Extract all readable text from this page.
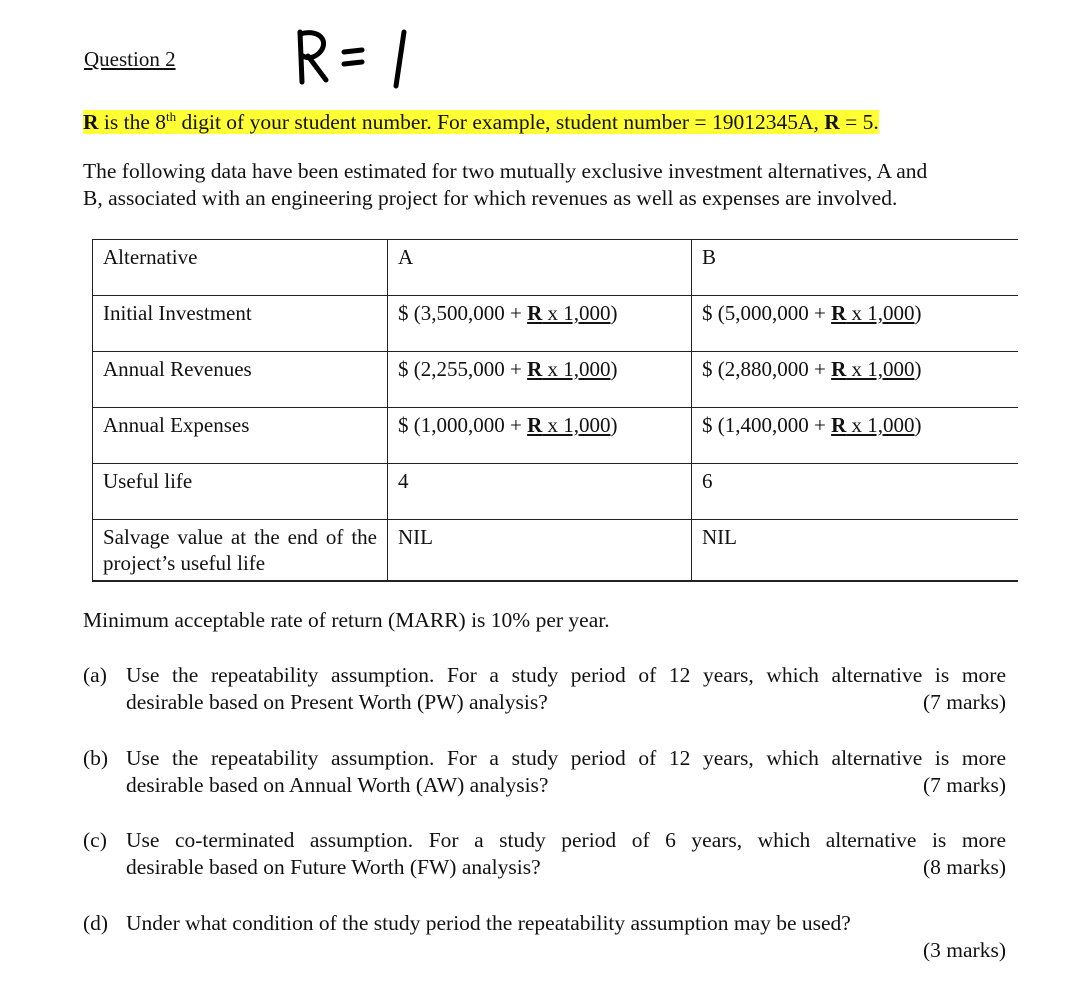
Question 2
R is the 8th digit of your student number. For example, student number = 19012345A, R = 5.
The following data have been estimated for two mutually exclusive investment alternatives, A and
B, associated with an engineering project for which revenues as well as expenses are involved.
Alternative	A	B
Initial Investment	$ (3,500,000 + R x 1,000)	$ (5,000,000 + R x 1,000)
Annual Revenues	$ (2,255,000 + R x 1,000)	$ (2,880,000 + R x 1,000)
Annual Expenses	$ (1,000,000 + R x 1,000)	$ (1,400,000 + R x 1,000)
Useful life	4	6
Salvage value at the end of the project’s useful life	NIL	NIL
Minimum acceptable rate of return (MARR) is 10% per year.
(a) Use the repeatability assumption. For a study period of 12 years, which alternative is more
desirable based on Present Worth (PW) analysis?	(7 marks)
(b) Use the repeatability assumption. For a study period of 12 years, which alternative is more
desirable based on Annual Worth (AW) analysis?	(7 marks)
(c) Use co-terminated assumption. For a study period of 6 years, which alternative is more
desirable based on Future Worth (FW) analysis?	(8 marks)
(d) Under what condition of the study period the repeatability assumption may be used?
(3 marks)
